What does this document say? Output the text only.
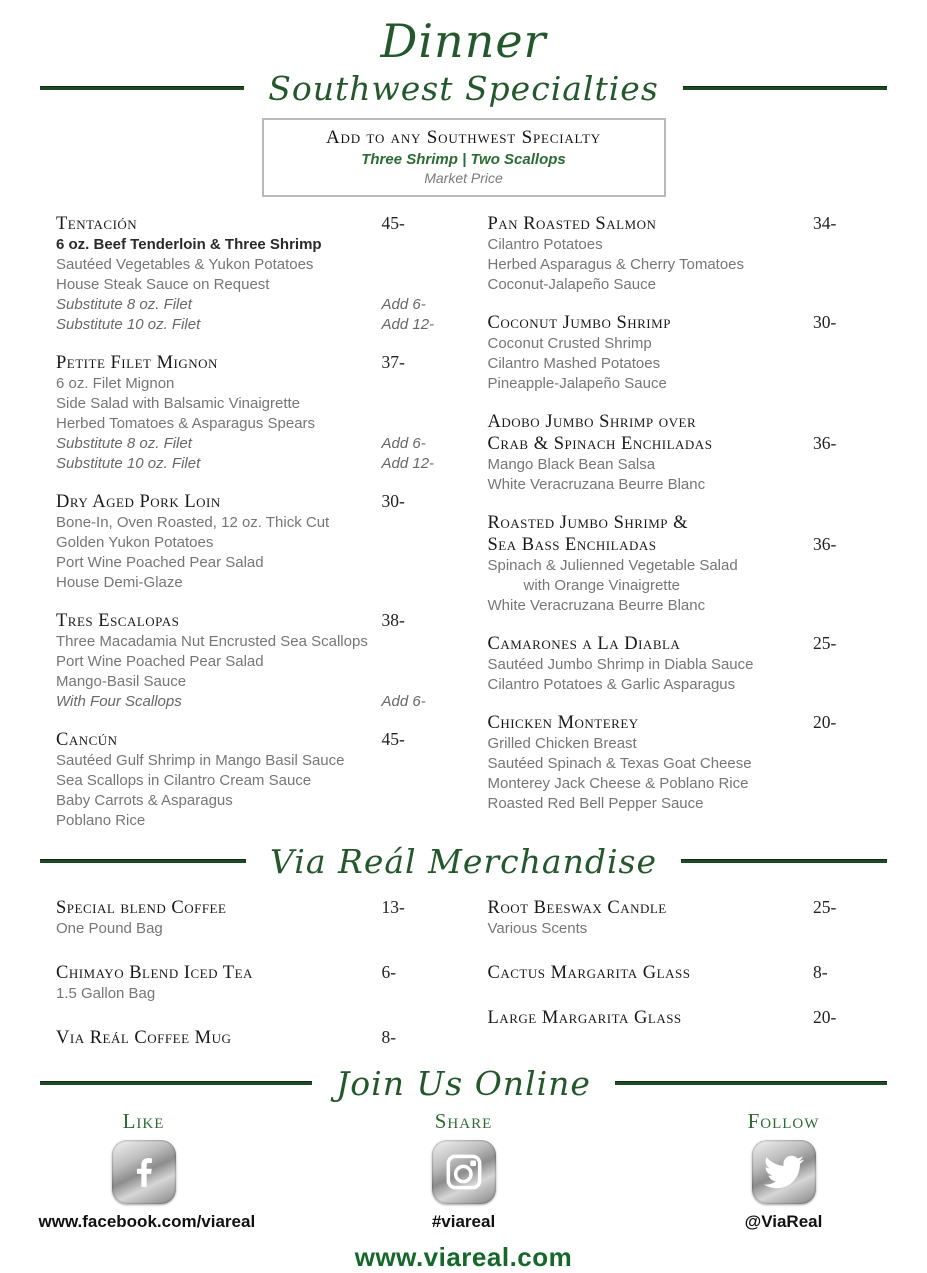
Dinner
Southwest Specialties
Add to any Southwest Specialty
Three Shrimp | Two Scallops
Market Price
Tentación	45-
6 oz. Beef Tenderloin & Three Shrimp
Sautéed Vegetables & Yukon Potatoes
House Steak Sauce on Request
Substitute 8 oz. Filet	Add 6-
Substitute 10 oz. Filet	Add 12-
Petite Filet Mignon	37-
6 oz. Filet Mignon
Side Salad with Balsamic Vinaigrette
Herbed Tomatoes & Asparagus Spears
Substitute 8 oz. Filet	Add 6-
Substitute 10 oz. Filet	Add 12-
Dry Aged Pork Loin	30-
Bone-In, Oven Roasted, 12 oz. Thick Cut
Golden Yukon Potatoes
Port Wine Poached Pear Salad
House Demi-Glaze
Tres Escalopas	38-
Three Macadamia Nut Encrusted Sea Scallops
Port Wine Poached Pear Salad
Mango-Basil Sauce
With Four Scallops	Add 6-
Cancún	45-
Sautéed Gulf Shrimp in Mango Basil Sauce
Sea Scallops in Cilantro Cream Sauce
Baby Carrots & Asparagus
Poblano Rice
Pan Roasted Salmon	34-
Cilantro Potatoes
Herbed Asparagus & Cherry Tomatoes
Coconut-Jalapeño Sauce
Coconut Jumbo Shrimp	30-
Coconut Crusted Shrimp
Cilantro Mashed Potatoes
Pineapple-Jalapeño Sauce
Adobo Jumbo Shrimp over
Crab & Spinach Enchiladas	36-
Mango Black Bean Salsa
White Veracruzana Beurre Blanc
Roasted Jumbo Shrimp &
Sea Bass Enchiladas	36-
Spinach & Julienned Vegetable Salad
with Orange Vinaigrette
White Veracruzana Beurre Blanc
Camarones a La Diabla	25-
Sautéed Jumbo Shrimp in Diabla Sauce
Cilantro Potatoes & Garlic Asparagus
Chicken Monterey	20-
Grilled Chicken Breast
Sautéed Spinach & Texas Goat Cheese
Monterey Jack Cheese & Poblano Rice
Roasted Red Bell Pepper Sauce
Via Reál Merchandise
Special blend Coffee	13-
One Pound Bag
Chimayo Blend Iced Tea	6-
1.5 Gallon Bag
Via Reál Coffee Mug	8-
Root Beeswax Candle	25-
Various Scents
Cactus Margarita Glass	8-
Large Margarita Glass	20-
Join Us Online
Like
www.facebook.com/viareal
Share
#viareal
Follow
@ViaReal
www.viareal.com
